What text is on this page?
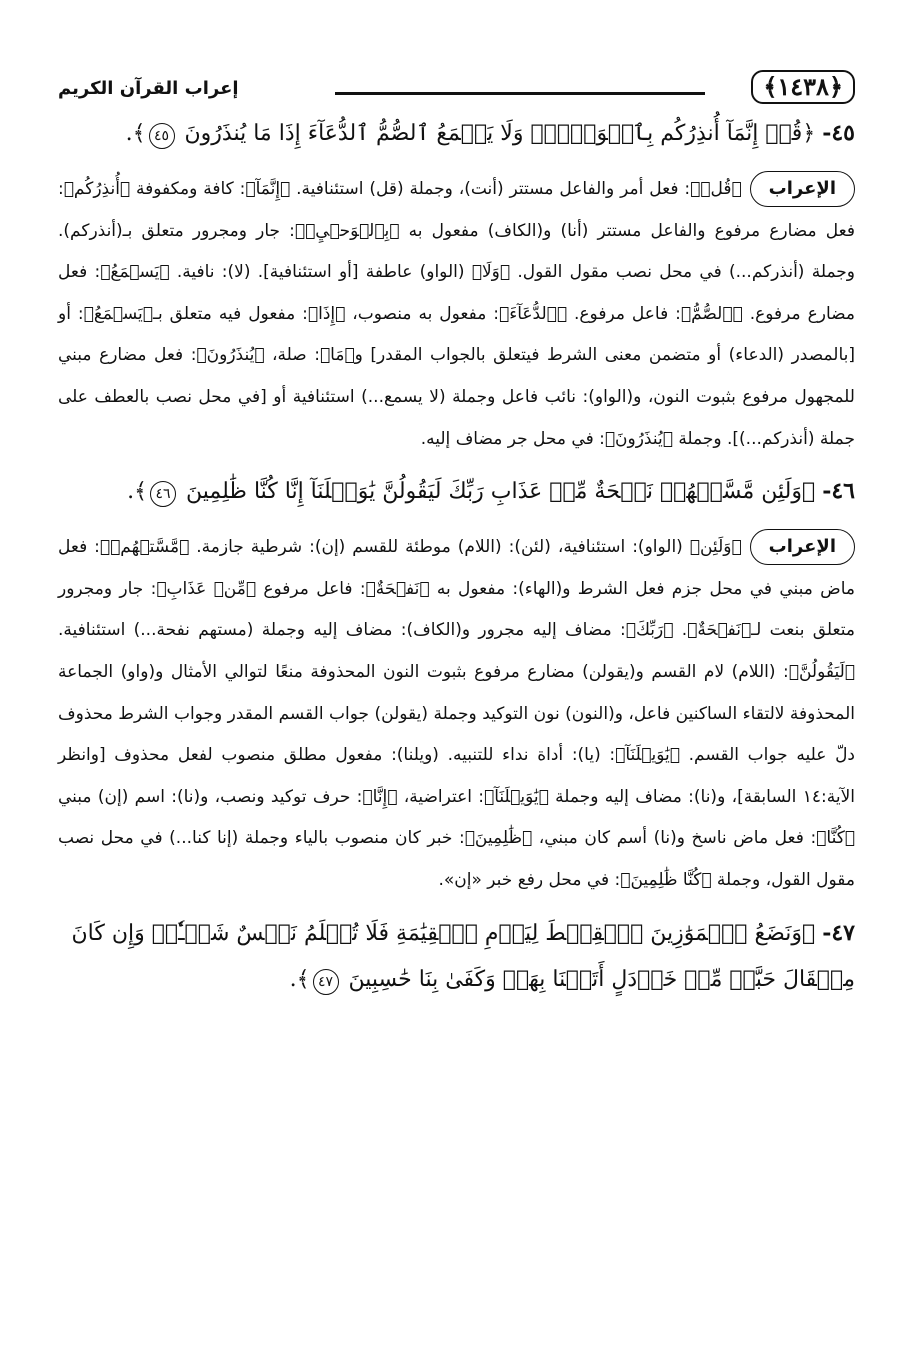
﴿١٤٣٨﴾
إعراب القرآن الكريم
٤٥- ﴿قُلۡ إِنَّمَآ أُنذِرُكُم بِٱلۡوَحۡيِۚ وَلَا يَسۡمَعُ ٱلصُّمُّ ٱلدُّعَآءَ إِذَا مَا يُنذَرُونَ ٤٥﴾.
الإعراب﴿قُلۡ﴾: فعل أمر والفاعل مستتر (أنت)، وجملة (قل) استئنافية. ﴿إِنَّمَآ﴾: كافة ومكفوفة ﴿أُنذِرُكُم﴾: فعل مضارع مرفوع والفاعل مستتر (أنا) و(الكاف) مفعول به ﴿بِٱلۡوَحۡيِۚ﴾: جار ومجرور متعلق بـ(أنذركم). وجملة (أنذركم...) في محل نصب مقول القول. ﴿وَلَا﴾ (الواو) عاطفة [أو استئنافية]. (لا): نافية. ﴿يَسۡمَعُ﴾: فعل مضارع مرفوع. ﴿ٱلصُّمُّ﴾: فاعل مرفوع. ﴿ٱلدُّعَآءَ﴾: مفعول به منصوب، ﴿إِذَا﴾: مفعول فيه متعلق بـ﴿يَسۡمَعُ﴾: أو [بالمصدر (الدعاء) أو متضمن معنى الشرط فيتعلق بالجواب المقدر] و﴿مَا﴾: صلة، ﴿يُنذَرُونَ﴾: فعل مضارع مبني للمجهول مرفوع بثبوت النون، و(الواو): نائب فاعل وجملة (لا يسمع...) استئنافية أو [في محل نصب بالعطف على جملة (أنذركم...)]. وجملة ﴿يُنذَرُونَ﴾: في محل جر مضاف إليه.
٤٦- ﴿وَلَئِن مَّسَّتۡهُمۡ نَفۡحَةٌ مِّنۡ عَذَابِ رَبِّكَ لَيَقُولُنَّ يَٰوَيۡلَنَآ إِنَّا كُنَّا ظَٰلِمِينَ ٤٦﴾.
الإعراب﴿وَلَئِن﴾ (الواو): استئنافية، (لئن): (اللام) موطئة للقسم (إن): شرطية جازمة. ﴿مَّسَّتۡهُمۡ﴾: فعل ماض مبني في محل جزم فعل الشرط و(الهاء): مفعول به ﴿نَفۡحَةٌ﴾: فاعل مرفوع ﴿مِّنۡ عَذَابِ﴾: جار ومجرور متعلق بنعت لـ﴿نَفۡحَةٌ﴾. ﴿رَبِّكَ﴾: مضاف إليه مجرور و(الكاف): مضاف إليه وجملة (مستهم نفحة...) استئنافية. ﴿لَيَقُولُنَّ﴾: (اللام) لام القسم و(يقولن) مضارع مرفوع بثبوت النون المحذوفة منعًا لتوالي الأمثال و(واو) الجماعة المحذوفة لالتقاء الساكنين فاعل، و(النون) نون التوكيد وجملة (يقولن) جواب القسم المقدر وجواب الشرط محذوف دلّ عليه جواب القسم. ﴿يَٰوَيۡلَنَآ﴾: (يا): أداة نداء للتنبيه. (ويلنا): مفعول مطلق منصوب لفعل محذوف [وانظر الآية:١٤ السابقة]، و(نا): مضاف إليه وجملة ﴿يَٰوَيۡلَنَآ﴾: اعتراضية، ﴿إِنَّا﴾: حرف توكيد ونصب، و(نا): اسم (إن) مبني ﴿كُنَّا﴾: فعل ماض ناسخ و(نا) أسم كان مبني، ﴿ظَٰلِمِينَ﴾: خبر كان منصوب بالياء وجملة (إنا كنا...) في محل نصب مقول القول، وجملة ﴿كُنَّا ظَٰلِمِينَ﴾: في محل رفع خبر «إن».
٤٧- ﴿وَنَضَعُ ٱلۡمَوَٰزِينَ ٱلۡقِسۡطَ لِيَوۡمِ ٱلۡقِيَٰمَةِ فَلَا تُظۡلَمُ نَفۡسٌ شَيۡـٔٗاۖ وَإِن كَانَ مِثۡقَالَ حَبَّةٖ مِّنۡ خَرۡدَلٍ أَتَيۡنَا بِهَاۗ وَكَفَىٰ بِنَا حَٰسِبِينَ ٤٧﴾.
